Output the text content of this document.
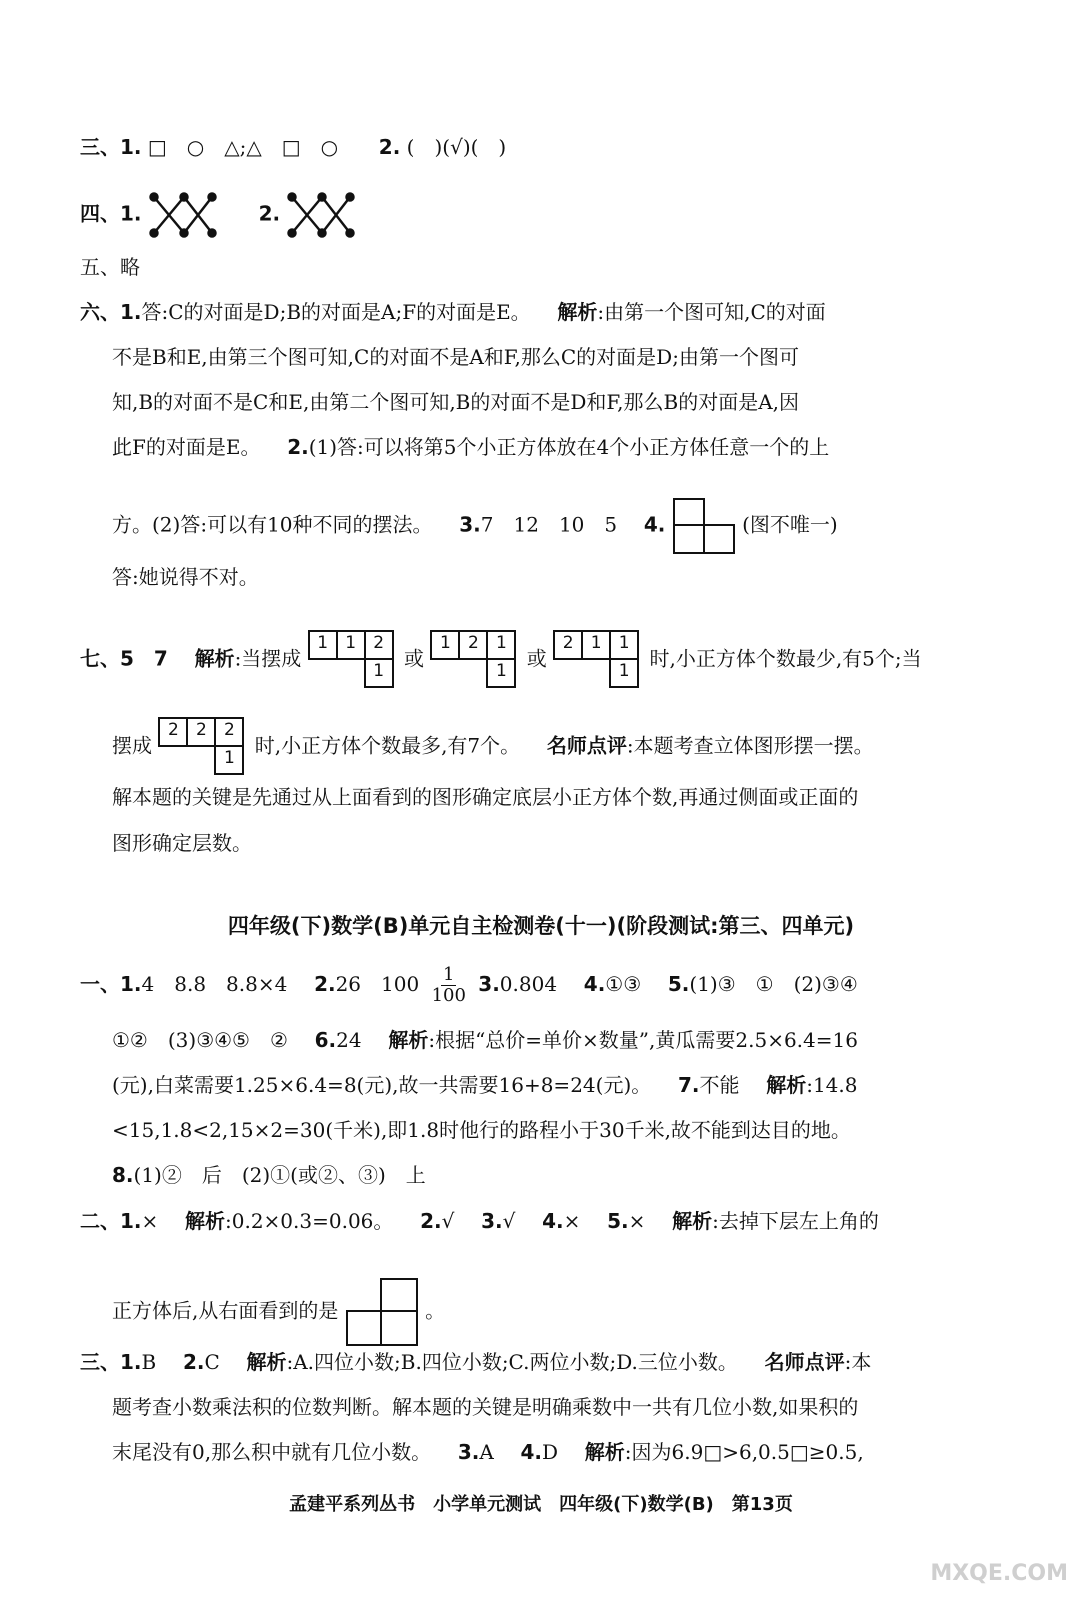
三、1. □　○　△;△　□　○ 2. (　)(√)(　)
四、1.	2.
五、略
六、1.答:C的对面是D;B的对面是A;F的对面是E。 解析:由第一个图可知,C的对面
不是B和E,由第三个图可知,C的对面不是A和F,那么C的对面是D;由第一个图可
知,B的对面不是C和E,由第二个图可知,B的对面不是D和F,那么B的对面是A,因
此F的对面是E。 2.(1)答:可以将第5个小正方体放在4个小正方体任意一个的上
方。(2)答:可以有10种不同的摆法。 3.7　12　10　5 4.	(图不唯一)
答:她说得不对。
七、5　7 解析:当摆成
1	1	2
1
或
1	2	1
1
或
2	1	1
1
时,小正方体个数最少,有5个;当
摆成
2	2	2
1
时,小正方体个数最多,有7个。 名师点评:本题考查立体图形摆一摆。
解本题的关键是先通过从上面看到的图形确定底层小正方体个数,再通过侧面或正面的
图形确定层数。
四年级(下)数学(B)单元自主检测卷(十一)(阶段测试:第三、四单元)
一、1.4　8.8　8.8×4 2.26　$100 \frac{1}{100} 3.0.804$ 4.①③ 5.(1)③　①　(2)③④
①②　(3)③④⑤　② 6.24 解析:根据“总价=单价×数量”,黄瓜需要2.5×6.4=16
(元),白菜需要1.25×6.4=8(元),故一共需要16+8=24(元)。 7.不能 解析:14.8
<15,1.8<2,15×2=30(千米),即1.8时他行的路程小于30千米,故不能到达目的地。
8.(1)②　后　(2)①(或②、③)　上
二、1.× 解析:0.2×0.3=0.06。 2.√ 3.√ 4.× 5.× 解析:去掉下层左上角的
正方体后,从右面看到的是	。
三、1.B 2.C 解析:A.四位小数;B.四位小数;C.两位小数;D.三位小数。 名师点评:本
题考查小数乘法积的位数判断。解本题的关键是明确乘数中一共有几位小数,如果积的
末尾没有0,那么积中就有几位小数。 3.A 4.D 解析:因为6.9□>6,0.5□≥0.5,
孟建平系列丛书　小学单元测试　四年级(下)数学(B)　第13页
MXQE.COM
